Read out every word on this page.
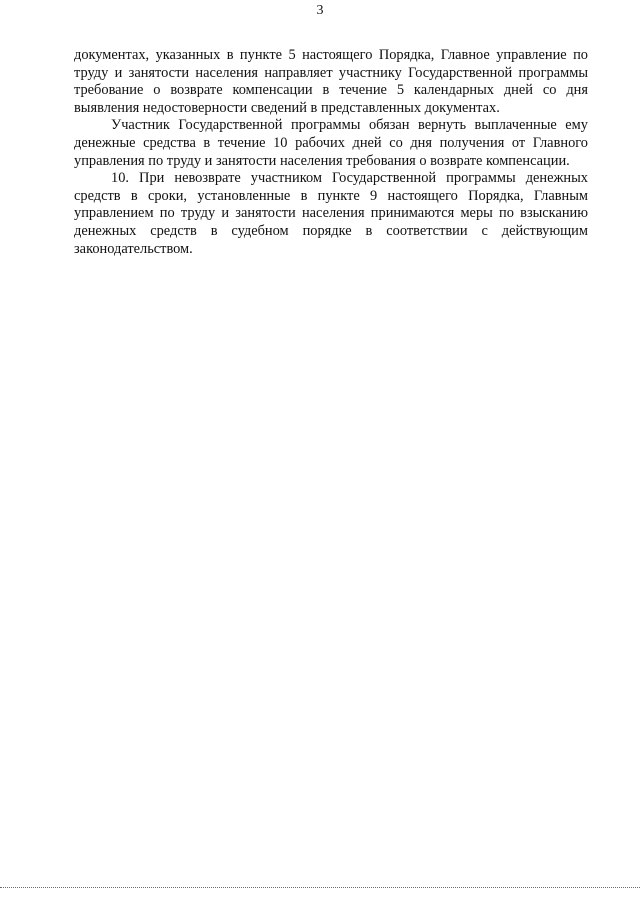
3

документах, указанных в пункте 5 настоящего Порядка, Главное управление по труду и занятости населения направляет участнику Государственной программы требование о возврате компенсации в течение 5 календарных дней со дня выявления недостоверности сведений в представленных документах.

Участник Государственной программы обязан вернуть выплаченные ему денежные средства в течение 10 рабочих дней со дня получения от Главного управления по труду и занятости населения требования о возврате компенсации.

10. При невозврате участником Государственной программы денежных средств в сроки, установленные в пункте 9 настоящего Порядка, Главным управлением по труду и занятости населения принимаются меры по взысканию денежных средств в судебном порядке в соответствии с действующим законодательством.
